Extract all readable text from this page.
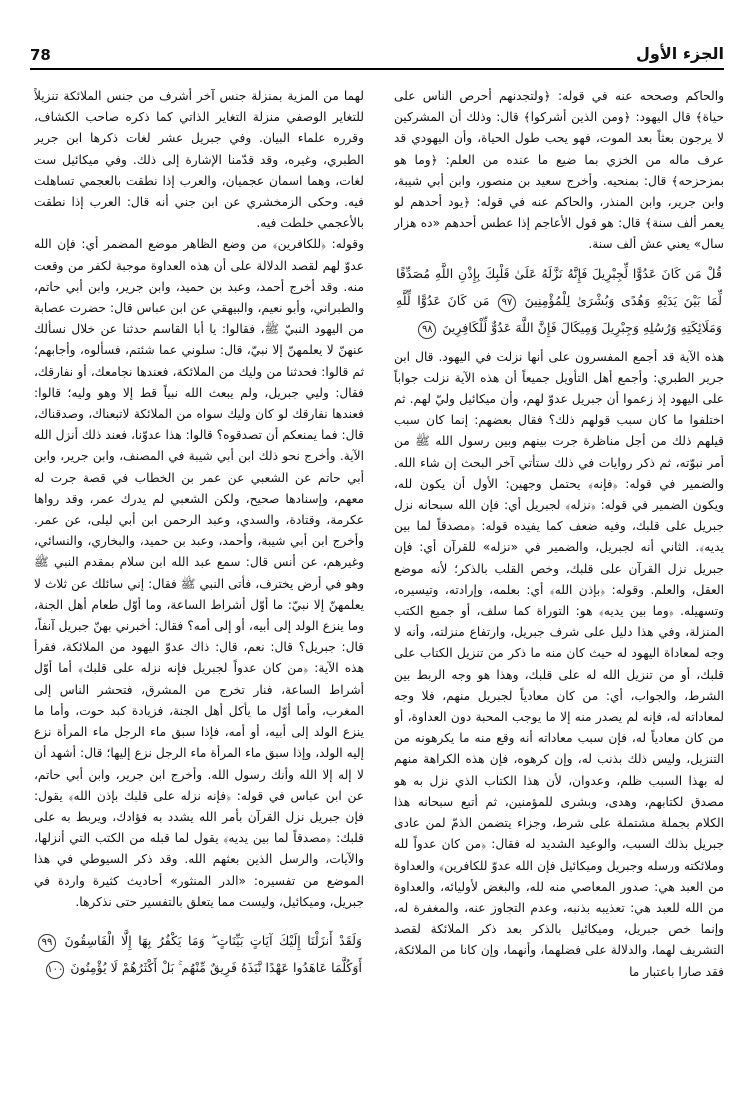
78	الجزء الأول

والحاكم وصححه عنه في قوله: ﴿ولتجدنهم أحرص الناس على حياة﴾ قال اليهود: ﴿ومن الذين أشركوا﴾ قال: وذلك أن المشركين لا يرجون بعثاً بعد الموت، فهو يحب طول الحياة، وأن اليهودي قد عرف ماله من الخزي بما ضيع ما عنده من العلم: ﴿وما هو بمزحزحه﴾ قال: بمنحيه. وأخرج سعيد بن منصور، وابن أبي شيبة، وابن جرير، وابن المنذر، والحاكم عنه في قوله: ﴿يود أحدهم لو يعمر ألف سنة﴾ قال: هو قول الأعاجم إذا عطس أحدهم «ده هزار سال» يعني عش ألف سنة.

قُلْ مَن كَانَ عَدُوًّا لِّجِبْرِيلَ فَإِنَّهُ نَزَّلَهُ عَلَىٰ قَلْبِكَ بِإِذْنِ اللَّهِ مُصَدِّقًا لِّمَا بَيْنَ يَدَيْهِ وَهُدًى وَبُشْرَىٰ لِلْمُؤْمِنِينَ ٩٧ مَن كَانَ عَدُوًّا لِّلَّهِ وَمَلَائِكَتِهِ وَرُسُلِهِ وَجِبْرِيلَ وَمِيكَالَ فَإِنَّ اللَّهَ عَدُوٌّ لِّلْكَافِرِينَ ٩٨

هذه الآية قد أجمع المفسرون على أنها نزلت في اليهود. قال ابن جرير الطبري: وأجمع أهل التأويل جميعاً أن هذه الآية نزلت جواباً على اليهود إذ زعموا أن جبريل عدوّ لهم، وأن ميكائيل وليّ لهم. ثم اختلفوا ما كان سبب قولهم ذلك؟ فقال بعضهم: إنما كان سبب قيلهم ذلك من أجل مناظرة جرت بينهم وبين رسول الله ﷺ من أمر نبوّته، ثم ذكر روايات في ذلك ستأتي آخر البحث إن شاء الله. والضمير في قوله: ﴿فإنه﴾ يحتمل وجهين: الأول أن يكون لله، ويكون الضمير في قوله: ﴿نزله﴾ لجبريل أي: فإن الله سبحانه نزل جبريل على قلبك، وفيه ضعف كما يفيده قوله: ﴿مصدقاً لما بين يديه﴾. الثاني أنه لجبريل، والضمير في «نزله» للقرآن أي: فإن جبريل نزل القرآن على قلبك، وخص القلب بالذكر؛ لأنه موضع العقل، والعلم. وقوله: ﴿بإذن الله﴾ أي: بعلمه، وإرادته، وتيسيره، وتسهيله. ﴿وما بين يديه﴾ هو: التوراة كما سلف، أو جميع الكتب المنزلة، وفي هذا دليل على شرف جبريل، وارتفاع منزلته، وأنه لا وجه لمعاداة اليهود له حيث كان منه ما ذكر من تنزيل الكتاب على قلبك، أو من تنزيل الله له على قلبك، وهذا هو وجه الربط بين الشرط، والجواب، أي: من كان معادياً لجبريل منهم، فلا وجه لمعاداته له، فإنه لم يصدر منه إلا ما يوجب المحبة دون العداوة، أو من كان معادياً له، فإن سبب معاداته أنه وقع منه ما يكرهونه من التنزيل، وليس ذلك بذنب له، وإن كرهوه، فإن هذه الكراهة منهم له بهذا السبب ظلم، وعدوان، لأن هذا الكتاب الذي نزل به هو مصدق لكتابهم، وهدى، وبشرى للمؤمنين، ثم أتبع سبحانه هذا الكلام بجملة مشتملة على شرط، وجزاء يتضمن الذمّ لمن عادى جبريل بذلك السبب، والوعيد الشديد له فقال: ﴿من كان عدواً لله وملائكته ورسله وجبريل وميكائيل فإن الله عدوّ للكافرين﴾ والعداوة من العبد هي: صدور المعاصي منه لله، والبغض لأوليائه، والعداوة من الله للعبد هي: تعذيبه بذنبه، وعدم التجاوز عنه، والمغفرة له، وإنما خص جبريل، وميكائيل بالذكر بعد ذكر الملائكة لقصد التشريف لهما، والدلالة على فضلهما، وأنهما، وإن كانا من الملائكة، فقد صارا باعتبار ما

لهما من المزية بمنزلة جنس آخر أشرف من جنس الملائكة تنزيلاً للتغاير الوصفي منزلة التغاير الذاتي كما ذكره صاحب الكشاف، وقرره علماء البيان. وفي جبريل عشر لغات ذكرها ابن جرير الطبري، وغيره، وقد قدّمنا الإشارة إلى ذلك. وفي ميكائيل ست لغات، وهما اسمان عجميان، والعرب إذا نطقت بالعجمي تساهلت فيه. وحكى الزمخشري عن ابن جني أنه قال: العرب إذا نطقت بالأعجمي خلطت فيه.

وقوله: ﴿للكافرين﴾ من وضع الظاهر موضع المضمر أي: فإن الله عدوّ لهم لقصد الدلالة على أن هذه العداوة موجبة لكفر من وقعت منه. وقد أخرج أحمد، وعبد بن حميد، وابن جرير، وابن أبي حاتم، والطبراني، وأبو نعيم، والبيهقي عن ابن عباس قال: حضرت عصابة من اليهود النبيّ ﷺ، فقالوا: يا أبا القاسم حدثنا عن خلال نسألك عنهنّ لا يعلمهنّ إلا نبيّ، قال: سلوني عما شئتم، فسألوه، وأجابهم؛ ثم قالوا: فحدثنا من وليك من الملائكة، فعندها نجامعك، أو نفارقك، فقال: وليي جبريل، ولم يبعث الله نبياً قط إلا وهو وليه؛ قالوا: فعندها نفارقك لو كان وليك سواه من الملائكة لاتبعناك، وصدقناك، قال: فما يمنعكم أن تصدقوه؟ قالوا: هذا عدوّنا، فعند ذلك أنزل الله الآية. وأخرج نحو ذلك ابن أبي شيبة في المصنف، وابن جرير، وابن أبي حاتم عن الشعبي عن عمر بن الخطاب في قصة جرت له معهم، وإسنادها صحيح، ولكن الشعبي لم يدرك عمر، وقد رواها عكرمة، وقتادة، والسدي، وعبد الرحمن ابن أبي ليلى، عن عمر. وأخرج ابن أبي شيبة، وأحمد، وعبد بن حميد، والبخاري، والنسائي، وغيرهم، عن أنس قال: سمع عبد الله ابن سلام بمقدم النبي ﷺ وهو في أرض يخترف، فأتى النبي ﷺ فقال: إني سائلك عن ثلاث لا يعلمهنّ إلا نبيّ: ما أوّل أشراط الساعة، وما أوّل طعام أهل الجنة، وما ينزع الولد إلى أبيه، أو إلى أمه؟ فقال: أخبرني بهنّ جبريل آنفاً، قال: جبريل؟ قال: نعم، قال: ذاك عدوّ اليهود من الملائكة، فقرأ هذه الآية: ﴿من كان عدواً لجبريل فإنه نزله على قلبك﴾ أما أوّل أشراط الساعة، فنار تخرج من المشرق، فتحشر الناس إلى المغرب، وأما أوّل ما يأكل أهل الجنة، فزيادة كبد حوت، وأما ما ينزع الولد إلى أبيه، أو أمه، فإذا سبق ماء الرجل ماء المرأة نزع إليه الولد، وإذا سبق ماء المرأة ماء الرجل نزع إليها؛ قال: أشهد أن لا إله إلا الله وأنك رسول الله. وأخرج ابن جرير، وابن أبي حاتم، عن ابن عباس في قوله: ﴿فإنه نزله على قلبك بإذن الله﴾ يقول: فإن جبريل نزل القرآن بأمر الله يشدد به فؤادك، ويربط به على قلبك: ﴿مصدقاً لما بين يديه﴾ يقول لما قبله من الكتب التي أنزلها، والآيات، والرسل الذين بعثهم الله. وقد ذكر السيوطي في هذا الموضع من تفسيره: «الدر المنثور» أحاديث كثيرة واردة في جبريل، وميكائيل، وليست مما يتعلق بالتفسير حتى نذكرها.

وَلَقَدْ أَنزَلْنَا إِلَيْكَ آيَاتٍ بَيِّنَاتٍ ۖ وَمَا يَكْفُرُ بِهَا إِلَّا الْفَاسِقُونَ ٩٩ أَوَكُلَّمَا عَاهَدُوا عَهْدًا نَّبَذَهُ فَرِيقٌ مِّنْهُم ۚ بَلْ أَكْثَرُهُمْ لَا يُؤْمِنُونَ ١٠٠
